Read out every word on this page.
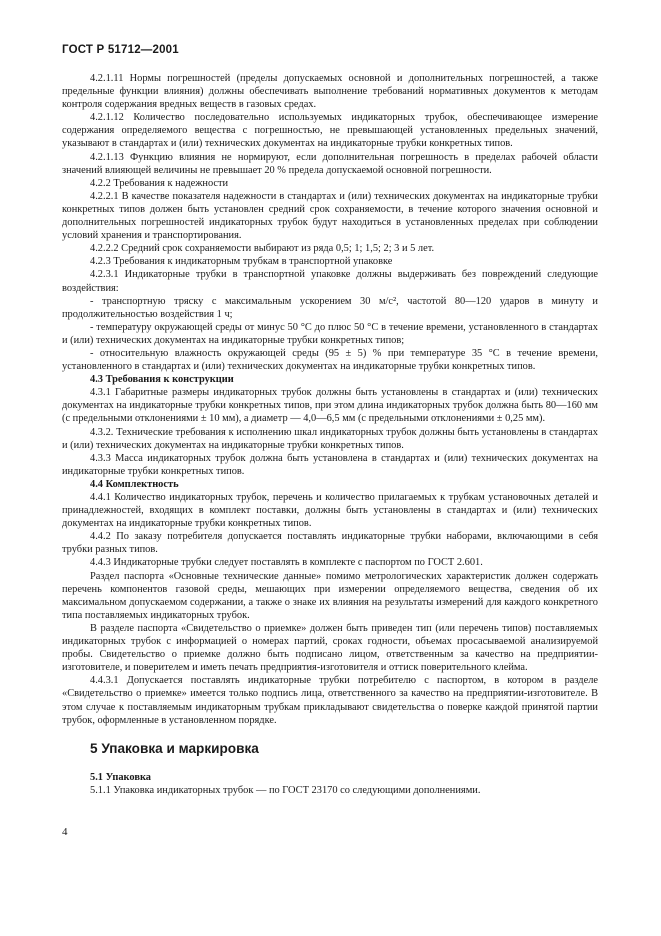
ГОСТ Р 51712—2001

4.2.1.11 Нормы погрешностей (пределы допускаемых основной и дополнительных погрешностей, а также предельные функции влияния) должны обеспечивать выполнение требований нормативных документов к методам контроля содержания вредных веществ в газовых средах.

4.2.1.12 Количество последовательно используемых индикаторных трубок, обеспечивающее измерение содержания определяемого вещества с погрешностью, не превышающей установленных предельных значений, указывают в стандартах и (или) технических документах на индикаторные трубки конкретных типов.

4.2.1.13 Функцию влияния не нормируют, если дополнительная погрешность в пределах рабочей области значений влияющей величины не превышает 20 % предела допускаемой основной погрешности.

4.2.2 Требования к надежности

4.2.2.1 В качестве показателя надежности в стандартах и (или) технических документах на индикаторные трубки конкретных типов должен быть установлен средний срок сохраняемости, в течение которого значения основной и дополнительных погрешностей индикаторных трубок будут находиться в установленных пределах при соблюдении условий хранения и транспортирования.

4.2.2.2 Средний срок сохраняемости выбирают из ряда 0,5; 1; 1,5; 2; 3 и 5 лет.

4.2.3 Требования к индикаторным трубкам в транспортной упаковке

4.2.3.1 Индикаторные трубки в транспортной упаковке должны выдерживать без повреждений следующие воздействия:

- транспортную тряску с максимальным ускорением 30 м/с², частотой 80—120 ударов в минуту и продолжительностью воздействия 1 ч;

- температуру окружающей среды от минус 50 °С до плюс 50 °С в течение времени, установленного в стандартах и (или) технических документах на индикаторные трубки конкретных типов;

- относительную влажность окружающей среды (95 ± 5) % при температуре 35 °С в течение времени, установленного в стандартах и (или) технических документах на индикаторные трубки конкретных типов.

4.3 Требования к конструкции

4.3.1 Габаритные размеры индикаторных трубок должны быть установлены в стандартах и (или) технических документах на индикаторные трубки конкретных типов, при этом длина индикаторных трубок должна быть 80—160 мм (с предельными отклонениями ± 10 мм), а диаметр — 4,0—6,5 мм (с предельными отклонениями ± 0,25 мм).

4.3.2. Технические требования к исполнению шкал индикаторных трубок должны быть установлены в стандартах и (или) технических документах на индикаторные трубки конкретных типов.

4.3.3 Масса индикаторных трубок должна быть установлена в стандартах и (или) технических документах на индикаторные трубки конкретных типов.

4.4 Комплектность

4.4.1 Количество индикаторных трубок, перечень и количество прилагаемых к трубкам установочных деталей и принадлежностей, входящих в комплект поставки, должны быть установлены в стандартах и (или) технических документах на индикаторные трубки конкретных типов.

4.4.2 По заказу потребителя допускается поставлять индикаторные трубки наборами, включающими в себя трубки разных типов.

4.4.3 Индикаторные трубки следует поставлять в комплекте с паспортом по ГОСТ 2.601.

Раздел паспорта «Основные технические данные» помимо метрологических характеристик должен содержать перечень компонентов газовой среды, мешающих при измерении определяемого вещества, сведения об их максимальном допускаемом содержании, а также о знаке их влияния на результаты измерений для каждого конкретного типа поставляемых индикаторных трубок.

В разделе паспорта «Свидетельство о приемке» должен быть приведен тип (или перечень типов) поставляемых индикаторных трубок с информацией о номерах партий, сроках годности, объемах просасываемой анализируемой пробы. Свидетельство о приемке должно быть подписано лицом, ответственным за качество на предприятии-изготовителе, и поверителем и иметь печать предприятия-изготовителя и оттиск поверительного клейма.

4.4.3.1 Допускается поставлять индикаторные трубки потребителю с паспортом, в котором в разделе «Свидетельство о приемке» имеется только подпись лица, ответственного за качество на предприятии-изготовителе. В этом случае к поставляемым индикаторным трубкам прикладывают свидетельства о поверке каждой принятой партии трубок, оформленные в установленном порядке.

5 Упаковка и маркировка

5.1 Упаковка

5.1.1 Упаковка индикаторных трубок — по ГОСТ 23170 со следующими дополнениями.

4
